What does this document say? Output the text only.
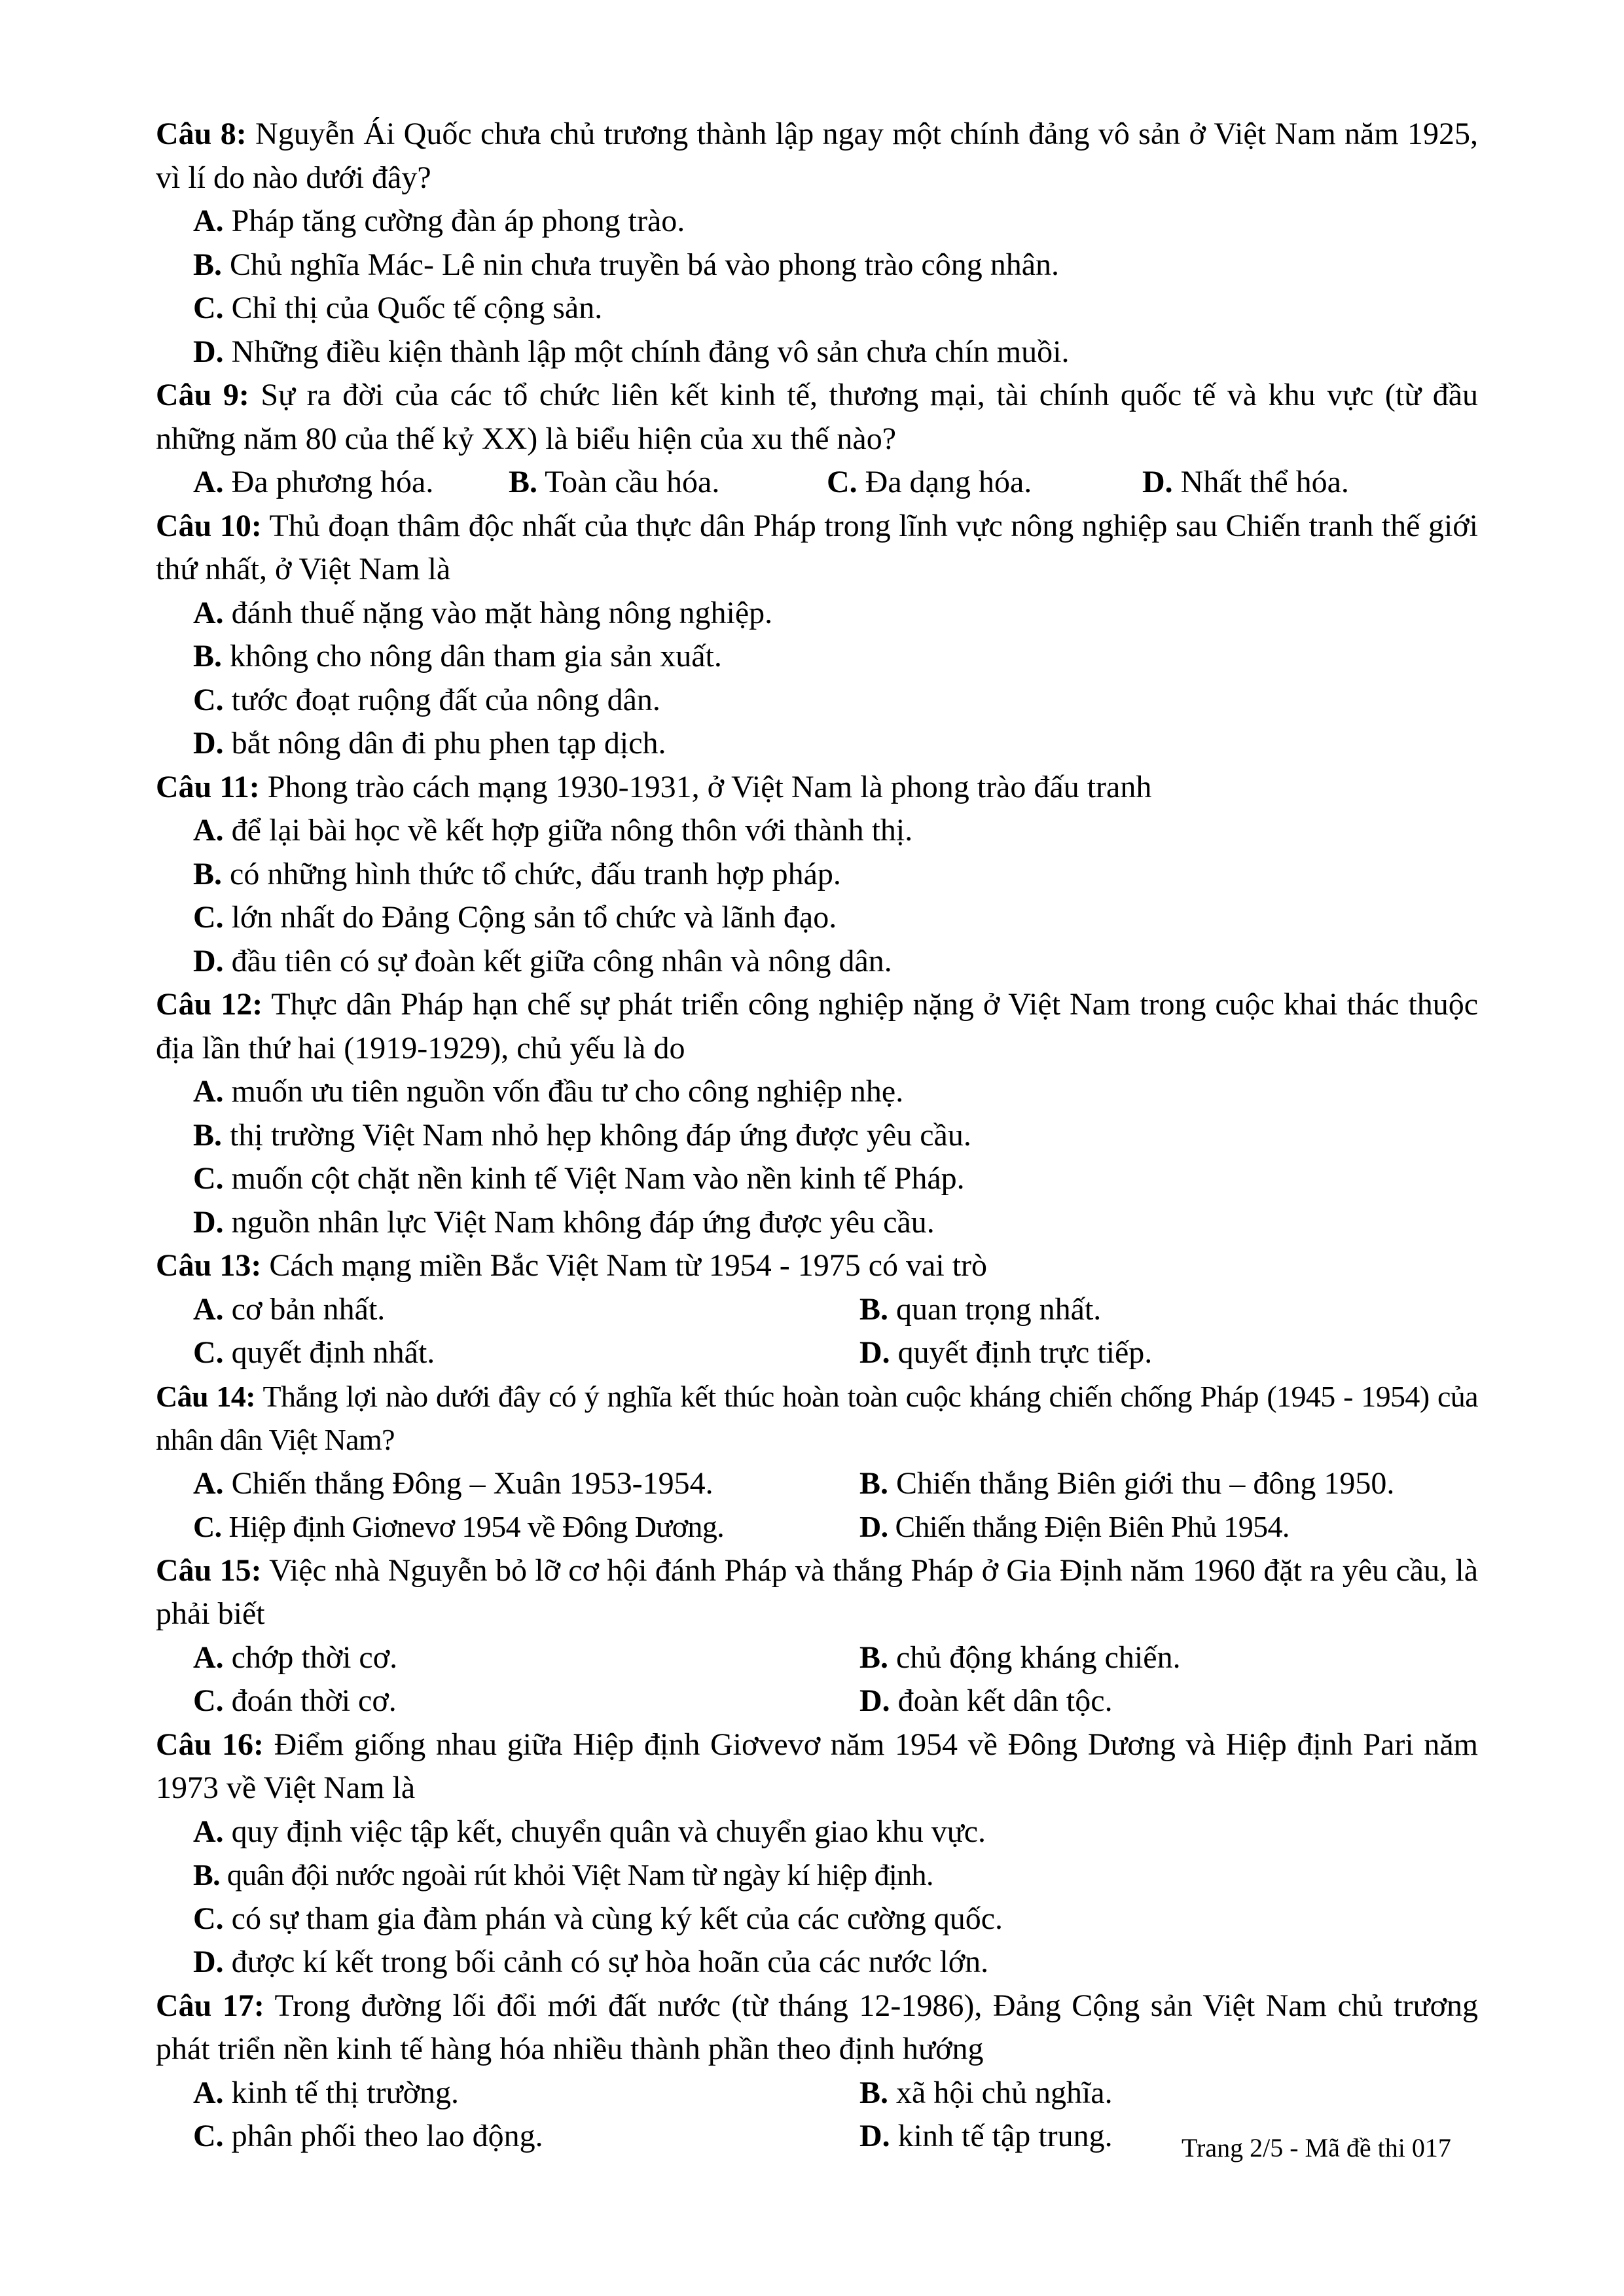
Câu 8: Nguyễn Ái Quốc chưa chủ trương thành lập ngay một chính đảng vô sản ở Việt Nam năm 1925, vì lí do nào dưới đây?

A. Pháp tăng cường đàn áp phong trào.
B. Chủ nghĩa Mác- Lê nin chưa truyền bá vào phong trào công nhân.
C. Chỉ thị của Quốc tế cộng sản.
D. Những điều kiện thành lập một chính đảng vô sản chưa chín muồi.

Câu 9: Sự ra đời của các tổ chức liên kết kinh tế, thương mại, tài chính quốc tế và khu vực (từ đầu những năm 80 của thế kỷ XX) là biểu hiện của xu thế nào?

A. Đa phương hóa.	B. Toàn cầu hóa.	C. Đa dạng hóa.	D. Nhất thể hóa.

Câu 10: Thủ đoạn thâm độc nhất của thực dân Pháp trong lĩnh vực nông nghiệp sau Chiến tranh thế giới thứ nhất, ở Việt Nam là

A. đánh thuế nặng vào mặt hàng nông nghiệp.
B. không cho nông dân tham gia sản xuất.
C. tước đoạt ruộng đất của nông dân.
D. bắt nông dân đi phu phen tạp dịch.

Câu 11: Phong trào cách mạng 1930-1931, ở Việt Nam là phong trào đấu tranh

A. để lại bài học về kết hợp giữa nông thôn với thành thị.
B. có những hình thức tổ chức, đấu tranh hợp pháp.
C. lớn nhất do Đảng Cộng sản tổ chức và lãnh đạo.
D. đầu tiên có sự đoàn kết giữa công nhân và nông dân.

Câu 12: Thực dân Pháp hạn chế sự phát triển công nghiệp nặng ở Việt Nam trong cuộc khai thác thuộc địa lần thứ hai (1919-1929), chủ yếu là do

A. muốn ưu tiên nguồn vốn đầu tư cho công nghiệp nhẹ.
B. thị trường Việt Nam nhỏ hẹp không đáp ứng được yêu cầu.
C. muốn cột chặt nền kinh tế Việt Nam vào nền kinh tế Pháp.
D. nguồn nhân lực Việt Nam không đáp ứng được yêu cầu.

Câu 13: Cách mạng miền Bắc Việt Nam từ 1954 - 1975 có vai trò

A. cơ bản nhất.	B. quan trọng nhất.
C. quyết định nhất.	D. quyết định trực tiếp.

Câu 14: Thắng lợi nào dưới đây có ý nghĩa kết thúc hoàn toàn cuộc kháng chiến chống Pháp (1945 - 1954) của nhân dân Việt Nam?

A. Chiến thắng Đông – Xuân 1953-1954.	B. Chiến thắng Biên giới thu – đông 1950.
C. Hiệp định Giơnevơ 1954 về Đông Dương.	D. Chiến thắng Điện Biên Phủ 1954.

Câu 15: Việc nhà Nguyễn bỏ lỡ cơ hội đánh Pháp và thắng Pháp ở Gia Định năm 1960 đặt ra yêu cầu, là phải biết

A. chớp thời cơ.	B. chủ động kháng chiến.
C. đoán thời cơ.	D. đoàn kết dân tộc.

Câu 16: Điểm giống nhau giữa Hiệp định Giơvevơ năm 1954 về Đông Dương và Hiệp định Pari năm 1973 về Việt Nam là

A. quy định việc tập kết, chuyển quân và chuyển giao khu vực.
B. quân đội nước ngoài rút khỏi Việt Nam từ ngày kí hiệp định.
C. có sự tham gia đàm phán và cùng ký kết của các cường quốc.
D. được kí kết trong bối cảnh có sự hòa hoãn của các nước lớn.

Câu 17: Trong đường lối đổi mới đất nước (từ tháng 12-1986), Đảng Cộng sản Việt Nam chủ trương phát triển nền kinh tế hàng hóa nhiều thành phần theo định hướng

A. kinh tế thị trường.	B. xã hội chủ nghĩa.
C. phân phối theo lao động.	D. kinh tế tập trung.	Trang 2/5 - Mã đề thi 017
